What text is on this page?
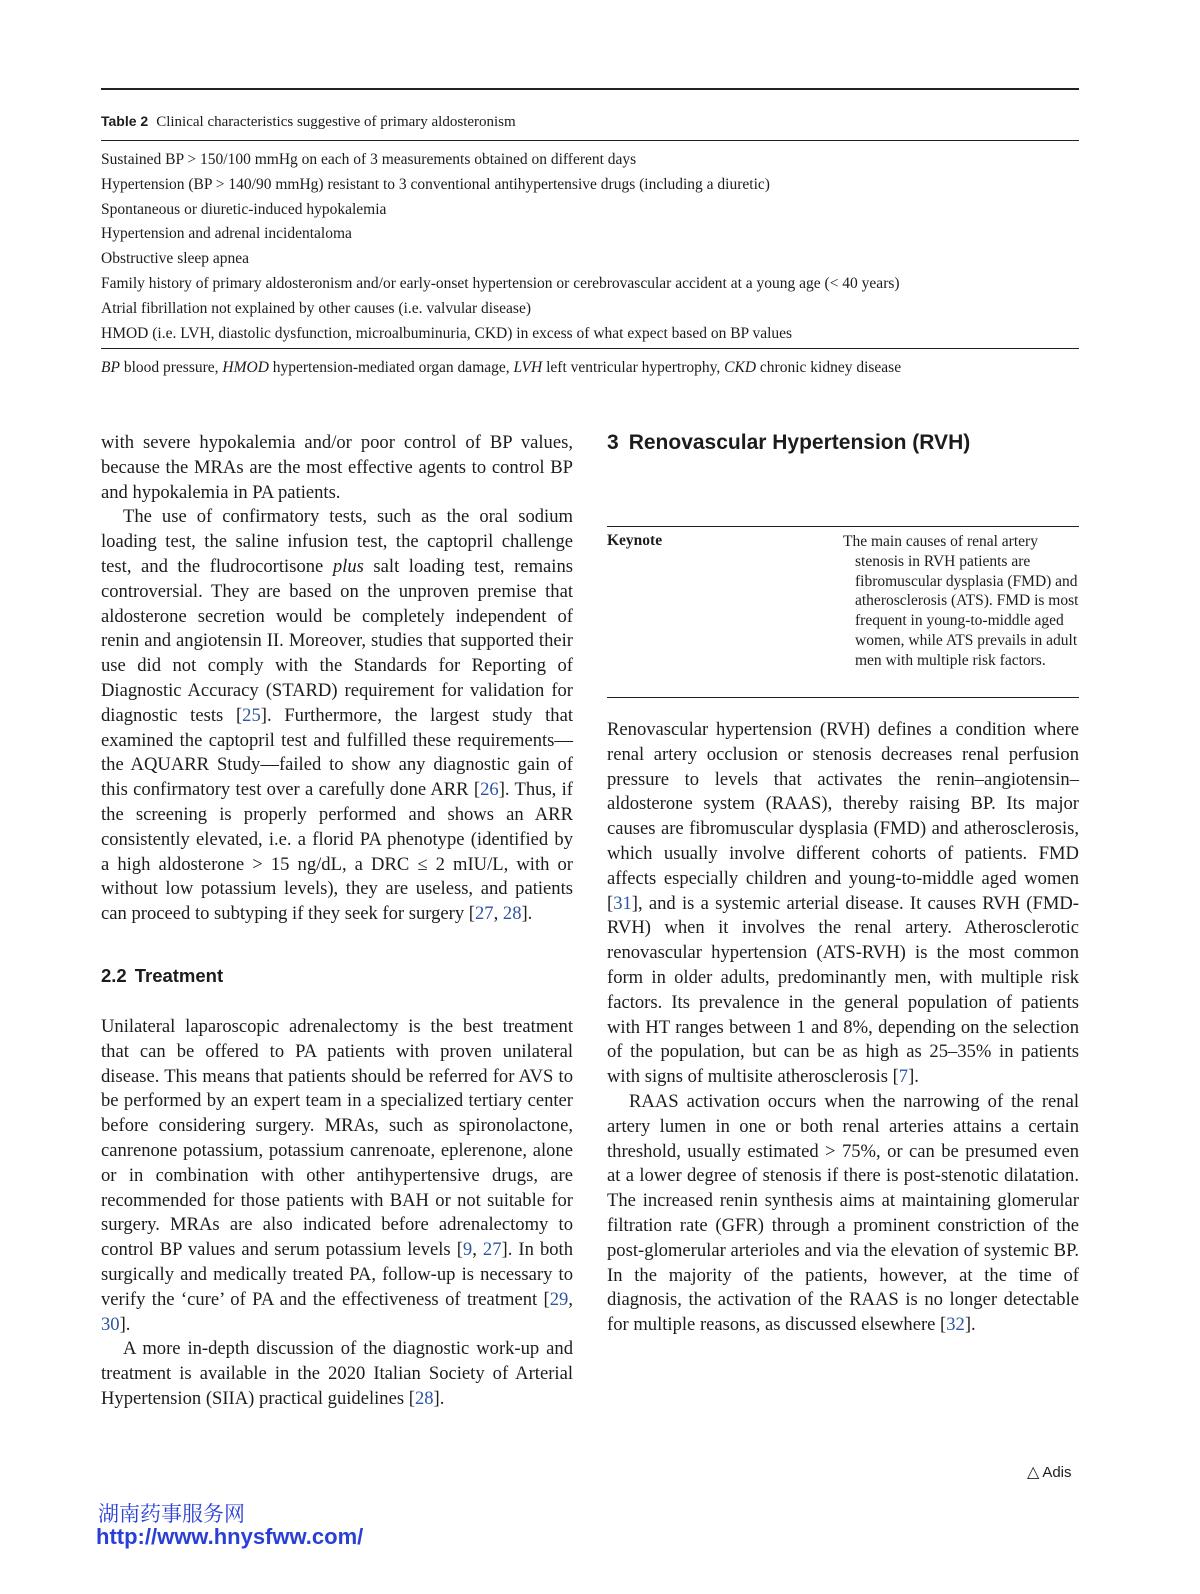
Table 2 Clinical characteristics suggestive of primary aldosteronism
Sustained BP > 150/100 mmHg on each of 3 measurements obtained on different days
Hypertension (BP > 140/90 mmHg) resistant to 3 conventional antihypertensive drugs (including a diuretic)
Spontaneous or diuretic-induced hypokalemia
Hypertension and adrenal incidentaloma
Obstructive sleep apnea
Family history of primary aldosteronism and/or early-onset hypertension or cerebrovascular accident at a young age (< 40 years)
Atrial fibrillation not explained by other causes (i.e. valvular disease)
HMOD (i.e. LVH, diastolic dysfunction, microalbuminuria, CKD) in excess of what expect based on BP values
BP blood pressure, HMOD hypertension-mediated organ damage, LVH left ventricular hypertrophy, CKD chronic kidney disease

with severe hypokalemia and/or poor control of BP values, because the MRAs are the most effective agents to control BP and hypokalemia in PA patients.

The use of confirmatory tests, such as the oral sodium loading test, the saline infusion test, the captopril challenge test, and the fludrocortisone plus salt loading test, remains controversial. They are based on the unproven premise that aldosterone secretion would be completely independent of renin and angiotensin II. Moreover, studies that supported their use did not comply with the Standards for Reporting of Diagnostic Accuracy (STARD) requirement for validation for diagnostic tests [25]. Furthermore, the largest study that examined the captopril test and fulfilled these requirements—the AQUARR Study—failed to show any diagnostic gain of this confirmatory test over a carefully done ARR [26]. Thus, if the screening is properly performed and shows an ARR consistently elevated, i.e. a florid PA phenotype (identified by a high aldosterone > 15 ng/dL, a DRC ≤ 2 mIU/L, with or without low potassium levels), they are useless, and patients can proceed to subtyping if they seek for surgery [27, 28].

2.2 Treatment

Unilateral laparoscopic adrenalectomy is the best treatment that can be offered to PA patients with proven unilateral disease. This means that patients should be referred for AVS to be performed by an expert team in a specialized tertiary center before considering surgery. MRAs, such as spironolactone, canrenone potassium, potassium canrenoate, eplerenone, alone or in combination with other antihypertensive drugs, are recommended for those patients with BAH or not suitable for surgery. MRAs are also indicated before adrenalectomy to control BP values and serum potassium levels [9, 27]. In both surgically and medically treated PA, follow-up is necessary to verify the ‘cure’ of PA and the effectiveness of treatment [29, 30].

A more in-depth discussion of the diagnostic work-up and treatment is available in the 2020 Italian Society of Arterial Hypertension (SIIA) practical guidelines [28].

3 Renovascular Hypertension (RVH)
Keynote	The main causes of renal artery stenosis in RVH patients are fibromuscular dysplasia (FMD) and atherosclerosis (ATS). FMD is most frequent in young-to-middle aged women, while ATS prevails in adult men with multiple risk factors.

Renovascular hypertension (RVH) defines a condition where renal artery occlusion or stenosis decreases renal perfusion pressure to levels that activates the renin–angiotensin–aldosterone system (RAAS), thereby raising BP. Its major causes are fibromuscular dysplasia (FMD) and atherosclerosis, which usually involve different cohorts of patients. FMD affects especially children and young-to-middle aged women [31], and is a systemic arterial disease. It causes RVH (FMD-RVH) when it involves the renal artery. Atherosclerotic renovascular hypertension (ATS-RVH) is the most common form in older adults, predominantly men, with multiple risk factors. Its prevalence in the general population of patients with HT ranges between 1 and 8%, depending on the selection of the population, but can be as high as 25–35% in patients with signs of multisite atherosclerosis [7].

RAAS activation occurs when the narrowing of the renal artery lumen in one or both renal arteries attains a certain threshold, usually estimated > 75%, or can be presumed even at a lower degree of stenosis if there is post-stenotic dilatation. The increased renin synthesis aims at maintaining glomerular filtration rate (GFR) through a prominent constriction of the post-glomerular arterioles and via the elevation of systemic BP. In the majority of the patients, however, at the time of diagnosis, the activation of the RAAS is no longer detectable for multiple reasons, as discussed elsewhere [32].

△ Adis
湖南药事服务网
http://www.hnysfww.com/
